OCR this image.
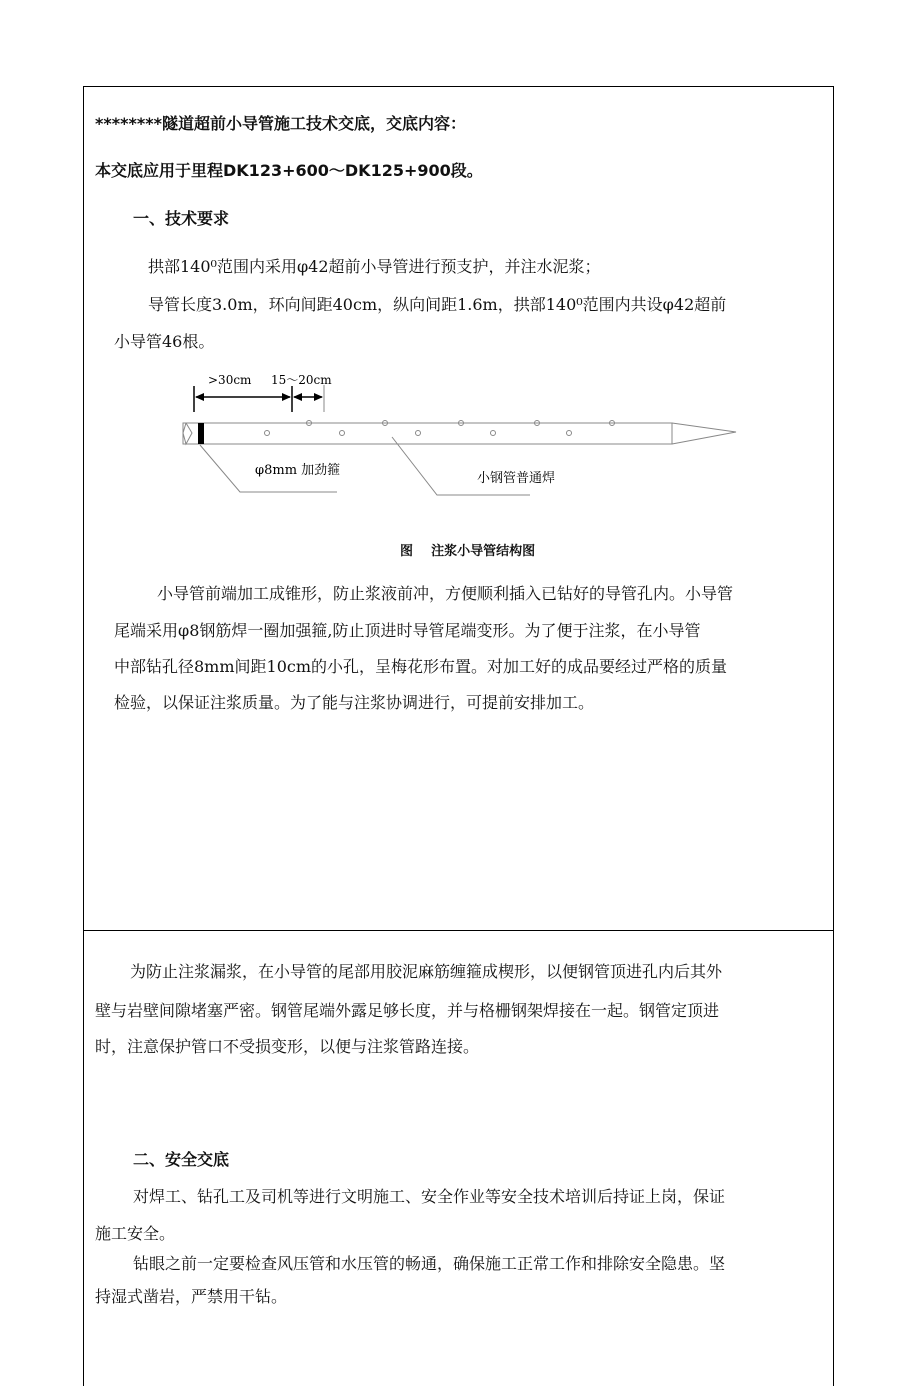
********隧道超前小导管施工技术交底，交底内容：
本交底应用于里程DK123+600～DK125+900段。
一、技术要求
拱部140⁰范围内采用φ42超前小导管进行预支护，并注水泥浆；
导管长度3.0m，环向间距40cm，纵向间距1.6m，拱部140⁰范围内共设φ42超前
小导管46根。
>30cm 15～20cm
φ8mm 加劲箍
小钢管普通焊
图    注浆小导管结构图
小导管前端加工成锥形，防止浆液前冲，方便顺利插入已钻好的导管孔内。小导管
尾端采用φ8钢筋焊一圈加强箍,防止顶进时导管尾端变形。为了便于注浆，在小导管
中部钻孔径8mm间距10cm的小孔，呈梅花形布置。对加工好的成品要经过严格的质量
检验，以保证注浆质量。为了能与注浆协调进行，可提前安排加工。
为防止注浆漏浆，在小导管的尾部用胶泥麻筋缠箍成楔形，以便钢管顶进孔内后其外
壁与岩壁间隙堵塞严密。钢管尾端外露足够长度，并与格栅钢架焊接在一起。钢管定顶进
时，注意保护管口不受损变形，以便与注浆管路连接。
二、安全交底
对焊工、钻孔工及司机等进行文明施工、安全作业等安全技术培训后持证上岗，保证
施工安全。
钻眼之前一定要检查风压管和水压管的畅通，确保施工正常工作和排除安全隐患。坚
持湿式凿岩，严禁用干钻。
